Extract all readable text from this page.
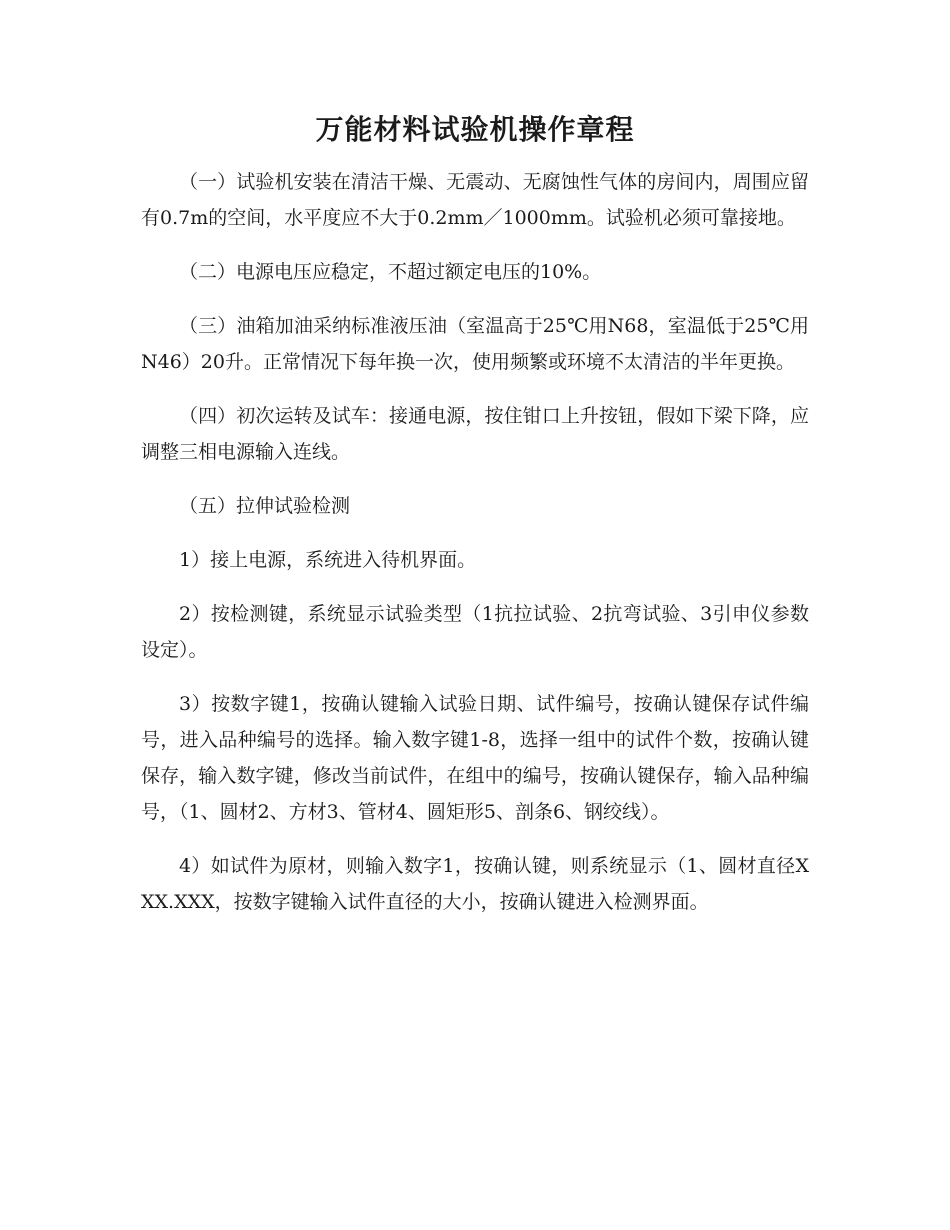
万能材料试验机操作章程

（一）试验机安装在清洁干燥、无震动、无腐蚀性气体的房间内，周围应留有0.7m的空间，水平度应不大于0.2mm／1000mm。试验机必须可靠接地。

（二）电源电压应稳定，不超过额定电压的10%。

（三）油箱加油采纳标准液压油（室温高于25℃用N68，室温低于25℃用N46）20升。正常情况下每年换一次，使用频繁或环境不太清洁的半年更换。

（四）初次运转及试车：接通电源，按住钳口上升按钮，假如下梁下降，应调整三相电源输入连线。

（五）拉伸试验检测

1）接上电源，系统进入待机界面。

2）按检测键，系统显示试验类型（1抗拉试验、2抗弯试验、3引申仪参数设定）。

3）按数字键1，按确认键输入试验日期、试件编号，按确认键保存试件编号，进入品种编号的选择。输入数字键1-8，选择一组中的试件个数，按确认键保存，输入数字键，修改当前试件，在组中的编号，按确认键保存，输入品种编号，（1、圆材2、方材3、管材4、圆矩形5、剖条6、钢绞线）。

4）如试件为原材，则输入数字1，按确认键，则系统显示（1、圆材直径XXX.XXX，按数字键输入试件直径的大小，按确认键进入检测界面。
